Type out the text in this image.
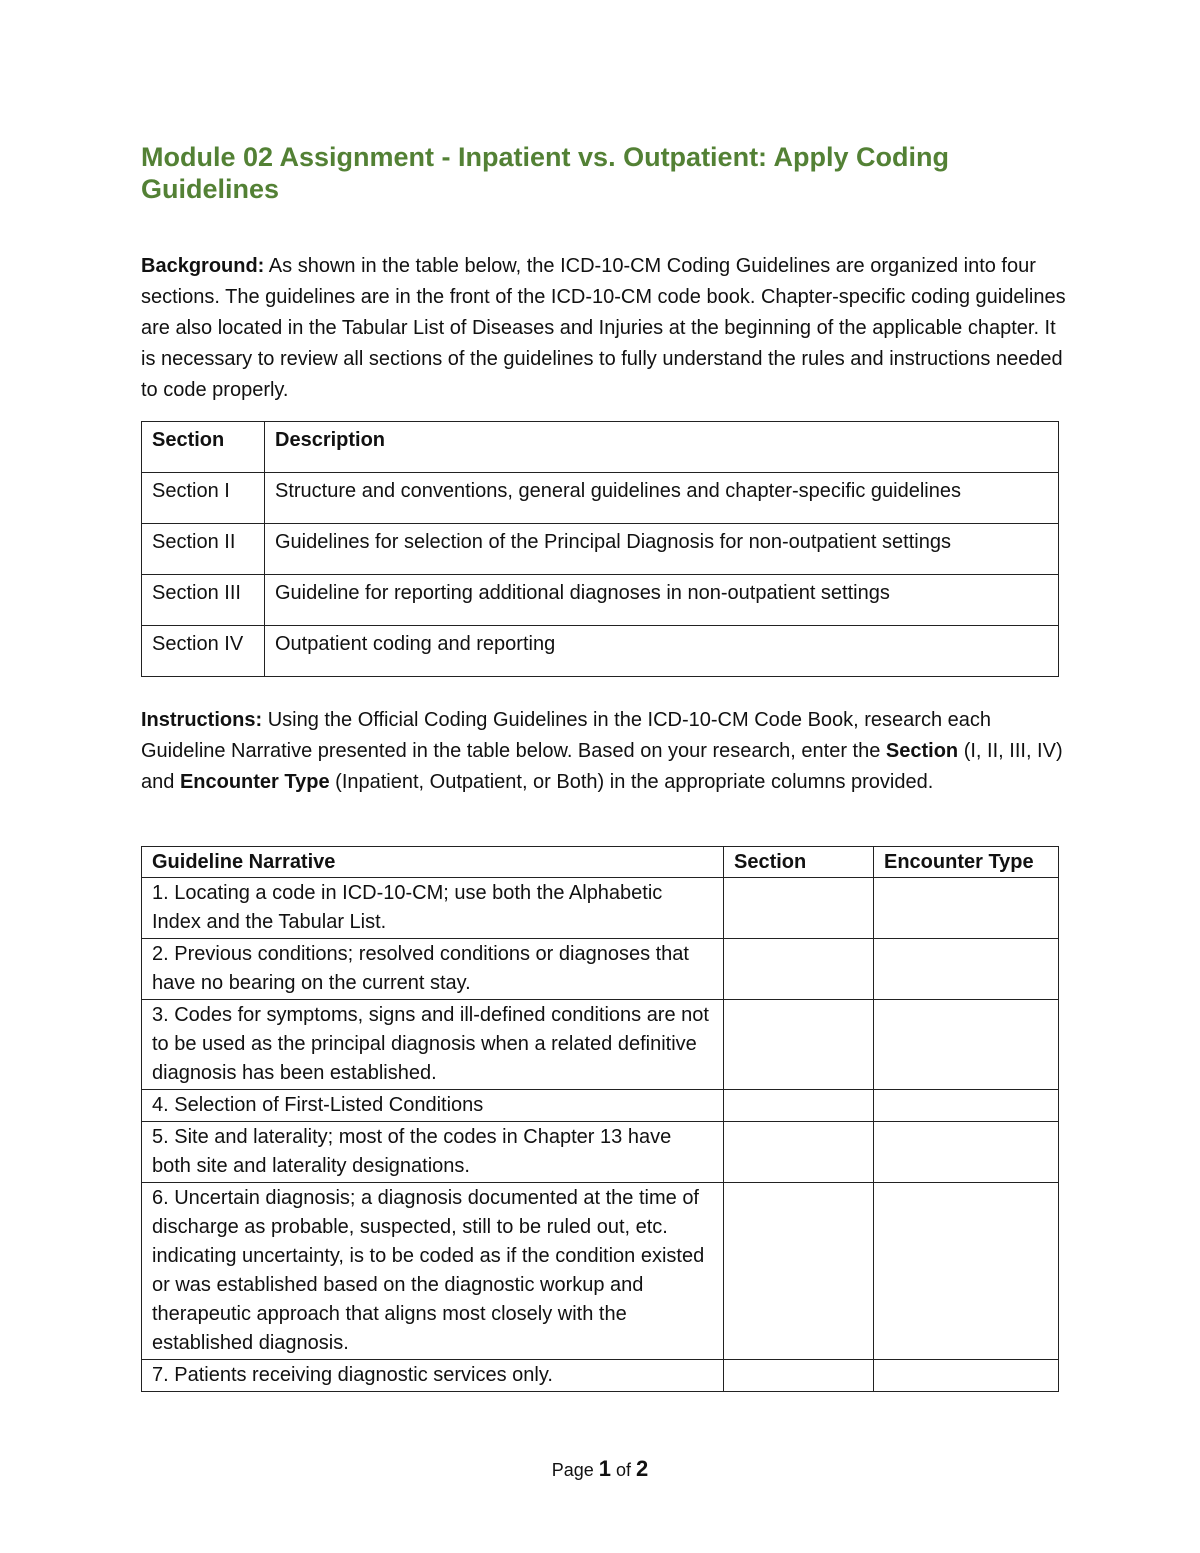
Module 02 Assignment - Inpatient vs. Outpatient: Apply Coding Guidelines

Background: As shown in the table below, the ICD-10-CM Coding Guidelines are organized into four sections. The guidelines are in the front of the ICD-10-CM code book. Chapter-specific coding guidelines are also located in the Tabular List of Diseases and Injuries at the beginning of the applicable chapter. It is necessary to review all sections of the guidelines to fully understand the rules and instructions needed to code properly.

Section	Description
Section I	Structure and conventions, general guidelines and chapter-specific guidelines
Section II	Guidelines for selection of the Principal Diagnosis for non-outpatient settings
Section III	Guideline for reporting additional diagnoses in non-outpatient settings
Section IV	Outpatient coding and reporting

Instructions: Using the Official Coding Guidelines in the ICD-10-CM Code Book, research each Guideline Narrative presented in the table below. Based on your research, enter the Section (I, II, III, IV) and Encounter Type (Inpatient, Outpatient, or Both) in the appropriate columns provided.

Guideline Narrative	Section	Encounter Type
1. Locating a code in ICD-10-CM; use both the Alphabetic Index and the Tabular List.		
2. Previous conditions; resolved conditions or diagnoses that have no bearing on the current stay.		
3. Codes for symptoms, signs and ill-defined conditions are not to be used as the principal diagnosis when a related definitive diagnosis has been established.		
4. Selection of First-Listed Conditions		
5. Site and laterality; most of the codes in Chapter 13 have both site and laterality designations.		
6. Uncertain diagnosis; a diagnosis documented at the time of discharge as probable, suspected, still to be ruled out, etc. indicating uncertainty, is to be coded as if the condition existed or was established based on the diagnostic workup and therapeutic approach that aligns most closely with the established diagnosis.		
7. Patients receiving diagnostic services only.		
Page 1 of 2
